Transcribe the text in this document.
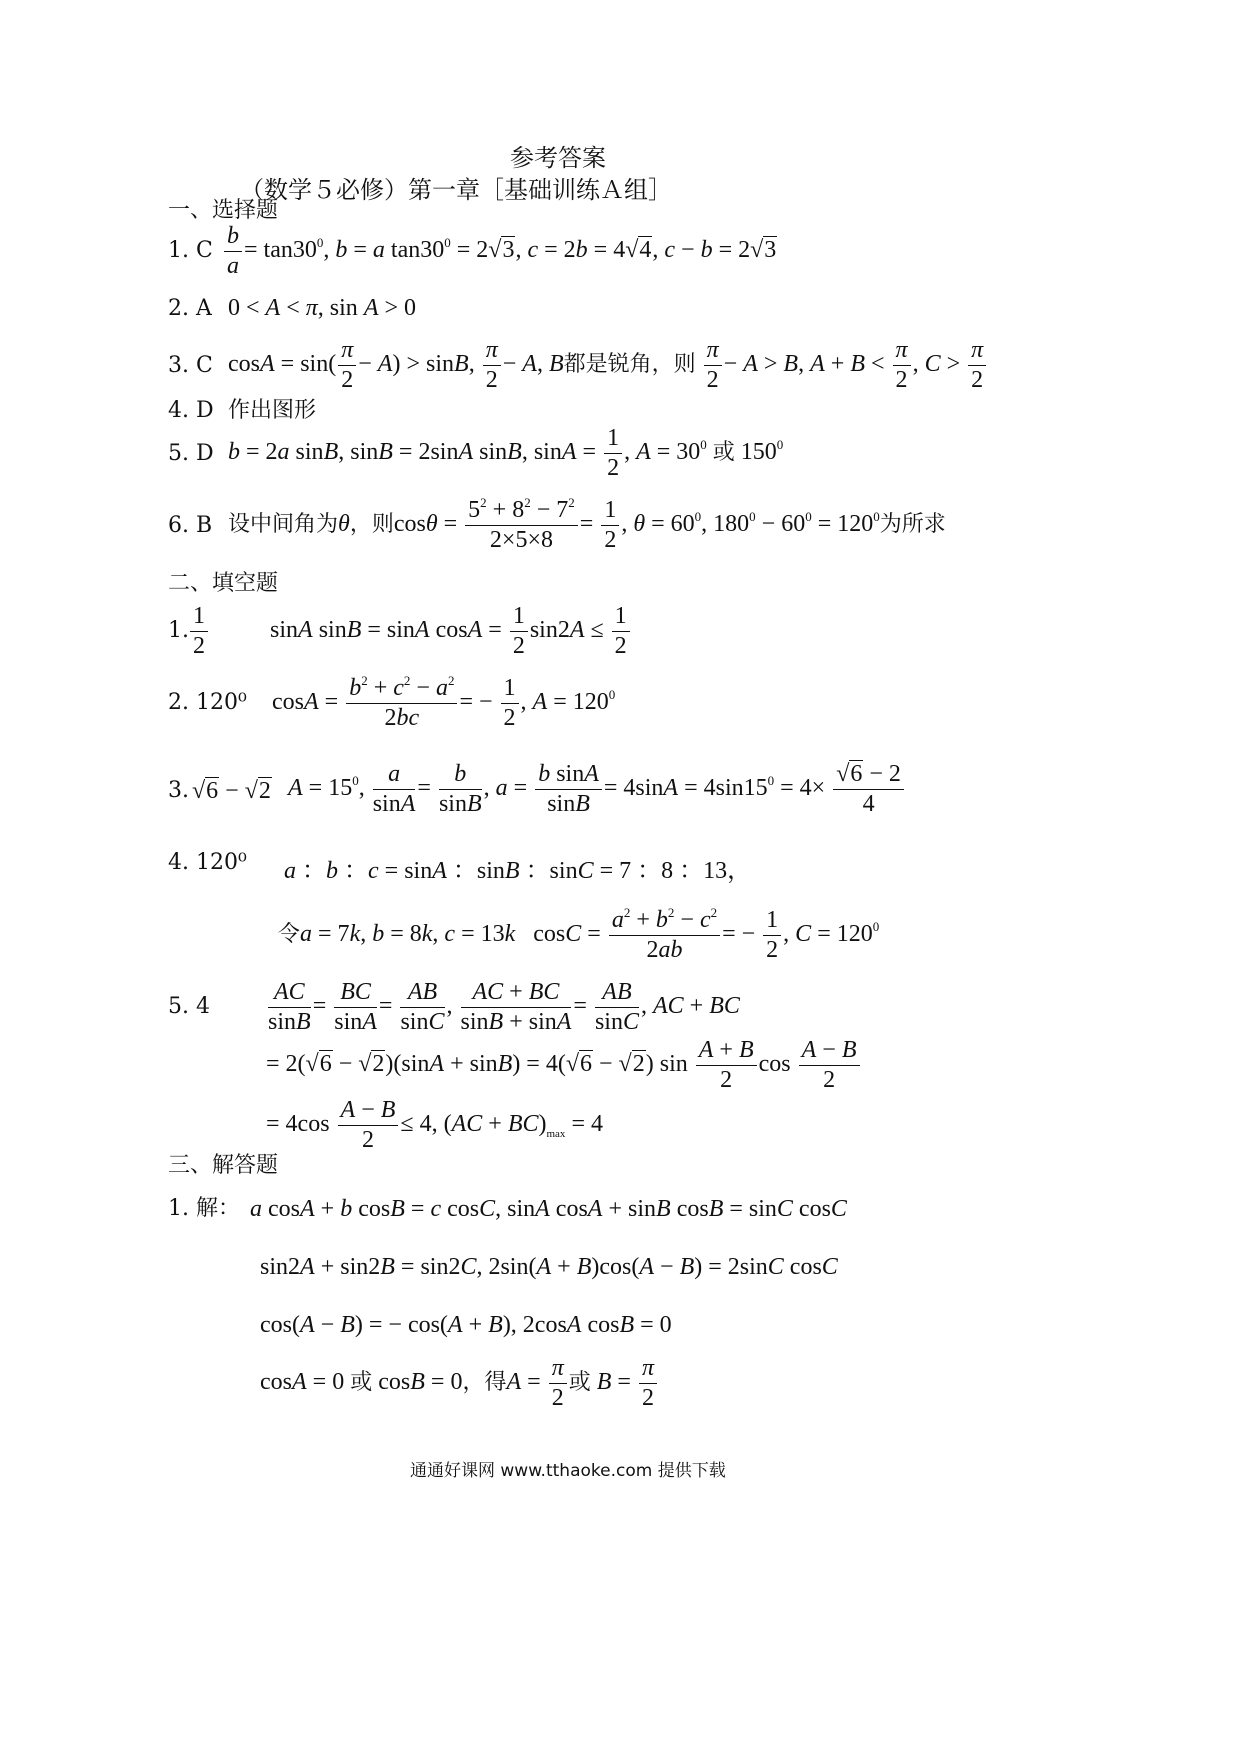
参考答案
（数学５必修）第一章［基础训练Ａ组］
一、选择题
1. C $\frac{b}{a} = \tan 30^0$, b = a $\tan 30^0 = 2√3$, c = 2b = 4√4, c − b = 2√3
2. A 0 < A < π, sin A > 0
3. C $\cos A = \sin( \frac{\pi}{2} - A) > \sin B$, $\frac{\pi}{2} - A$, B都是锐角，则 $\frac{\pi}{2} - A > B$, $A + B < \frac{\pi}{2}$ , $C > \frac{\pi}{2}$
4. D 作出图形
5. D b = 2a sinB, sinB = 2sinA sinB, $\sin A = \frac{1}{2}$ , $A = 30^0$ 或 $150^0$
6. B 设中间角为θ，则$\cos\theta = \frac{5^2 + 8^2 - 7^2}{2\times 5\times 8} = \frac{1}{2}$ , $\theta = 60^0$, $180^0 - 60^0 = 120^0$为所求
二、填空题
1. $\frac{1}{2}$	sinA sinB = sinA $\cos A = \frac{1}{2} \sin 2A \le \frac{1}{2}$
2. 120⁰ $\cos A = \frac{b^2 + c^2 - a^2}{2bc}$ = − $\frac{1}{2}$ , $A = 120^0$
3. √6 − √2 $A = 15^0$, $\frac{a}{\sin A} = \frac{b}{\sin B}$ , $a = \frac{\text{b sinA}}{\sin B} = 4\sin A = 4\sin 15^0 = 4\times \frac{√6 - 2}{4}$
4. 120⁰ a ：b ：c = sinA ：sinB ：sinC = 7 ：8 ：13，
令a = 7k, b = 8k, c = 13k   $\cos C = \frac{a^2 + b^2 - c^2}{2ab}$ = − $\frac{1}{2}$ , $C = 120^0$
5. $4 \frac{AC}{\sin B} = \frac{BC}{\sin A} = \frac{AB}{\sin C}$ , $\frac{AC + BC}{\sin B + \sin A} = \frac{AB}{\sin C}$ , AC + BC
= 2(√6 − √2)(sinA + sinB) = 4(√6 − √2) $\sin \frac{A + B}{2}$ $\cos \frac{A - B}{2}$
= $4\cos \frac{A - B}{2} \le 4$, $(AC + BC)_{max} = 4$
三、解答题
1. 解： a cosA + b cosB = c cosC, sinA cosA + sinB cosB = sinC cosC
sin2A + sin2B = sin2C, 2sin(A + B)cos(A − B) = 2sinC cosC
cos(A − B) = − cos(A + B), 2cosA cosB = 0
cosA = 0 或 cosB = 0，得$A = \frac{\pi}{2}$ 或 $B = \frac{\pi}{2}$
通通好课网 www.tthaoke.com 提供下载
